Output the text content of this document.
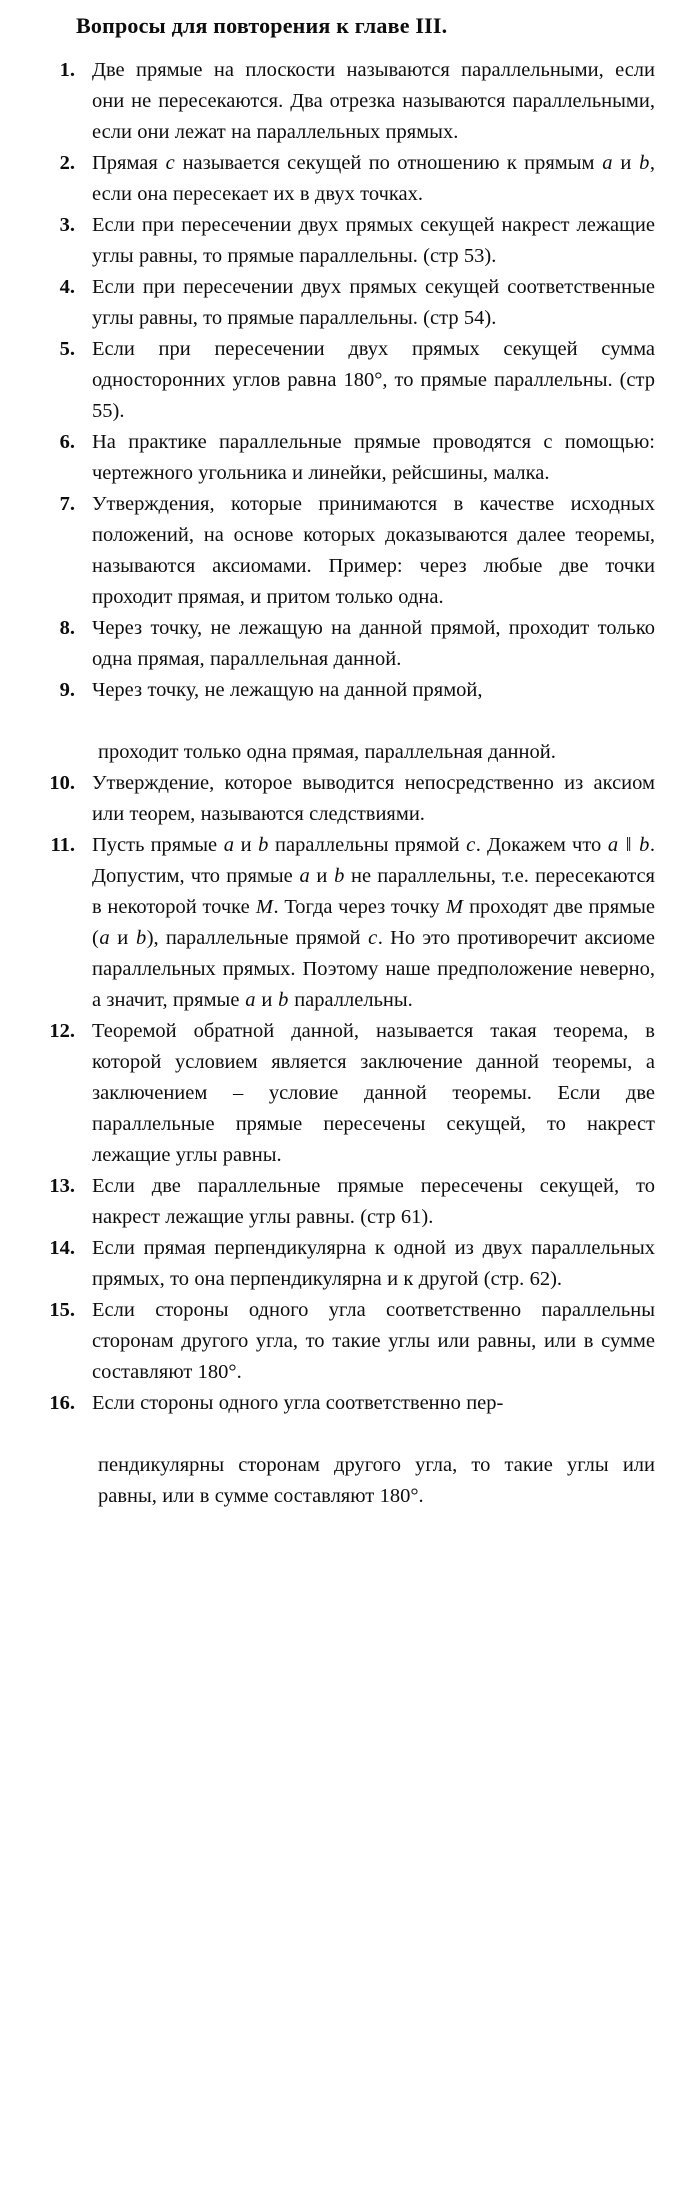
Вопросы для повторения к главе III.
1. Две прямые на плоскости называются параллельными, если они не пересекаются. Два отрезка называются параллельными, если они лежат на параллельных прямых.
2. Прямая c называется секущей по отношению к прямым a и b, если она пересекает их в двух точках.
3. Если при пересечении двух прямых секущей накрест лежащие углы равны, то прямые параллельны. (стр 53).
4. Если при пересечении двух прямых секущей соответственные углы равны, то прямые параллельны. (стр 54).
5. Если при пересечении двух прямых секущей сумма односторонних углов равна 180°, то прямые параллельны. (стр 55).
6. На практике параллельные прямые проводятся с помощью: чертежного угольника и линейки, рейсшины, малка.
7. Утверждения, которые принимаются в качестве исходных положений, на основе которых доказываются далее теоремы, называются аксиомами. Пример: через любые две точки проходит прямая, и притом только одна.
8. Через точку, не лежащую на данной прямой, проходит только одна прямая, параллельная данной.
9. Через точку, не лежащую на данной прямой,
проходит только одна прямая, параллельная данной.
10. Утверждение, которое выводится непосредственно из аксиом или теорем, называются следствиями.
11. Пусть прямые a и b параллельны прямой c. Докажем что a ‖ b. Допустим, что прямые a и b не параллельны, т.е. пересекаются в некоторой точке M. Тогда через точку M проходят две прямые (a и b), параллельные прямой c. Но это противоречит аксиоме параллельных прямых. Поэтому наше предположение неверно, а значит, прямые a и b параллельны.
12. Теоремой обратной данной, называется такая теорема, в которой условием является заключение данной теоремы, а заключением – условие данной теоремы. Если две параллельные прямые пересечены секущей, то накрест лежащие углы равны.
13. Если две параллельные прямые пересечены секущей, то накрест лежащие углы равны. (стр 61).
14. Если прямая перпендикулярна к одной из двух параллельных прямых, то она перпендикулярна и к другой (стр. 62).
15. Если стороны одного угла соответственно параллельны сторонам другого угла, то такие углы или равны, или в сумме составляют 180°.
16. Если стороны одного угла соответственно пер-
пендикулярны сторонам другого угла, то такие углы или равны, или в сумме составляют 180°.
